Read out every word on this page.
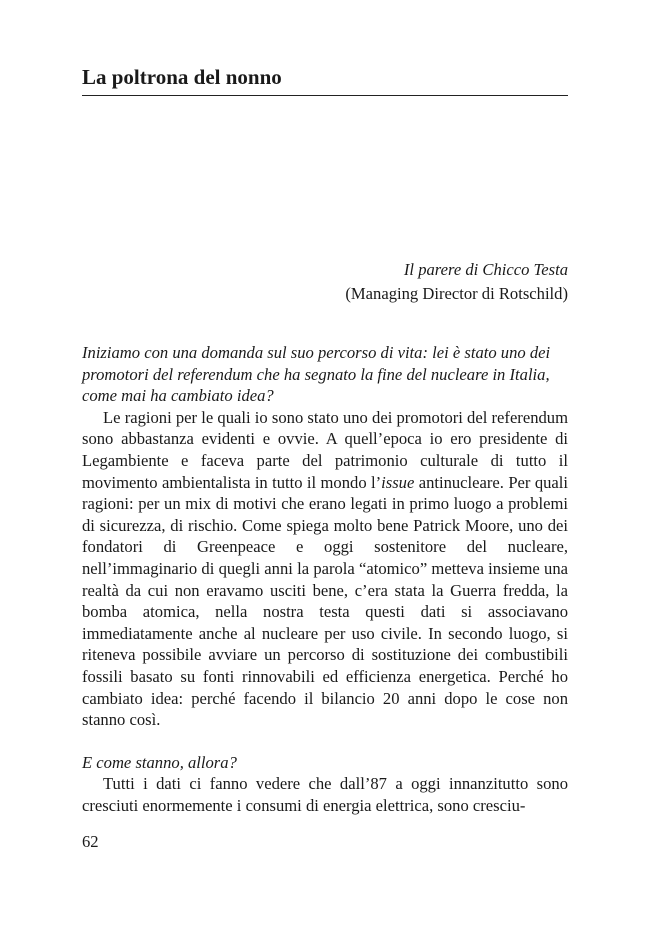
La poltrona del nonno
Il parere di Chicco Testa
(Managing Director di Rotschild)

Iniziamo con una domanda sul suo percorso di vita: lei è stato uno dei promotori del referendum che ha segnato la fine del nucleare in Italia, come mai ha cambiato idea?

Le ragioni per le quali io sono stato uno dei promotori del referendum sono abbastanza evidenti e ovvie. A quell’epoca io ero presidente di Legambiente e faceva parte del patrimonio culturale di tutto il movimento ambientalista in tutto il mondo l’issue antinucleare. Per quali ragioni: per un mix di motivi che erano legati in primo luogo a problemi di sicurezza, di rischio. Come spiega molto bene Patrick Moore, uno dei fondatori di Greenpeace e oggi sostenitore del nucleare, nell’immaginario di quegli anni la parola “atomico” metteva insieme una realtà da cui non eravamo usciti bene, c’era stata la Guerra fredda, la bomba atomica, nella nostra testa questi dati si associavano immediatamente anche al nucleare per uso civile. In secondo luogo, si riteneva possibile avviare un percorso di sostituzione dei combustibili fossili basato su fonti rinnovabili ed efficienza energetica. Perché ho cambiato idea: perché facendo il bilancio 20 anni dopo le cose non stanno così.

E come stanno, allora?

Tutti i dati ci fanno vedere che dall’87 a oggi innanzitutto sono cresciuti enormemente i consumi di energia elettrica, sono cresciu-

62
